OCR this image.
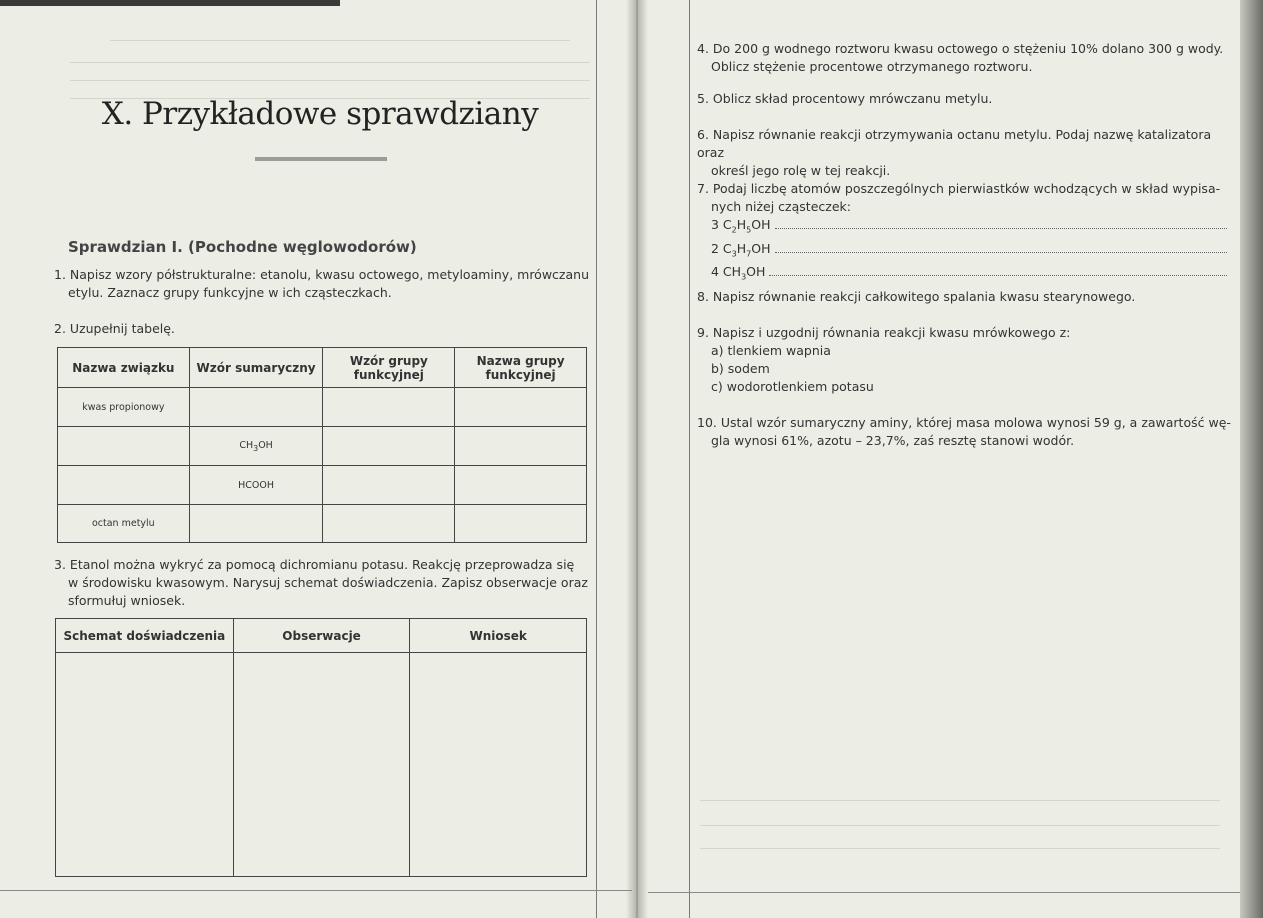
X. Przykładowe sprawdziany
Sprawdzian I. (Pochodne węglowodorów)

1. Napisz wzory półstrukturalne: etanolu, kwasu octowego, metyloaminy, mrówczanu

etylu. Zaznacz grupy funkcyjne w ich cząsteczkach.

2. Uzupełnij tabelę.

Nazwa związku	Wzór sumaryczny	Wzór grupy funkcyjnej	Nazwa grupy funkcyjnej
kwas propionowy			
	$CH_3OH$		
	HCOOH		
octan metylu			

3. Etanol można wykryć za pomocą dichromianu potasu. Reakcję przeprowadza się

w środowisku kwasowym. Narysuj schemat doświadczenia. Zapisz obserwacje oraz

sformułuj wniosek.

Schemat doświadczenia	Obserwacje	Wniosek

4. Do 200 g wodnego roztworu kwasu octowego o stężeniu 10% dolano 300 g wody.

Oblicz stężenie procentowe otrzymanego roztworu.

5. Oblicz skład procentowy mrówczanu metylu.

6. Napisz równanie reakcji otrzymywania octanu metylu. Podaj nazwę katalizatora oraz

określ jego rolę w tej reakcji.

7. Podaj liczbę atomów poszczególnych pierwiastków wchodzących w skład wypisa-

nych niżej cząsteczek:

3 $C_2H_5OH$
2 $C_3H_7OH$
4 $CH_3OH$

8. Napisz równanie reakcji całkowitego spalania kwasu stearynowego.

9. Napisz i uzgodnij równania reakcji kwasu mrówkowego z:

a) tlenkiem wapnia

b) sodem

c) wodorotlenkiem potasu

10. Ustal wzór sumaryczny aminy, której masa molowa wynosi 59 g, a zawartość wę-

gla wynosi 61%, azotu – 23,7%, zaś resztę stanowi wodór.
